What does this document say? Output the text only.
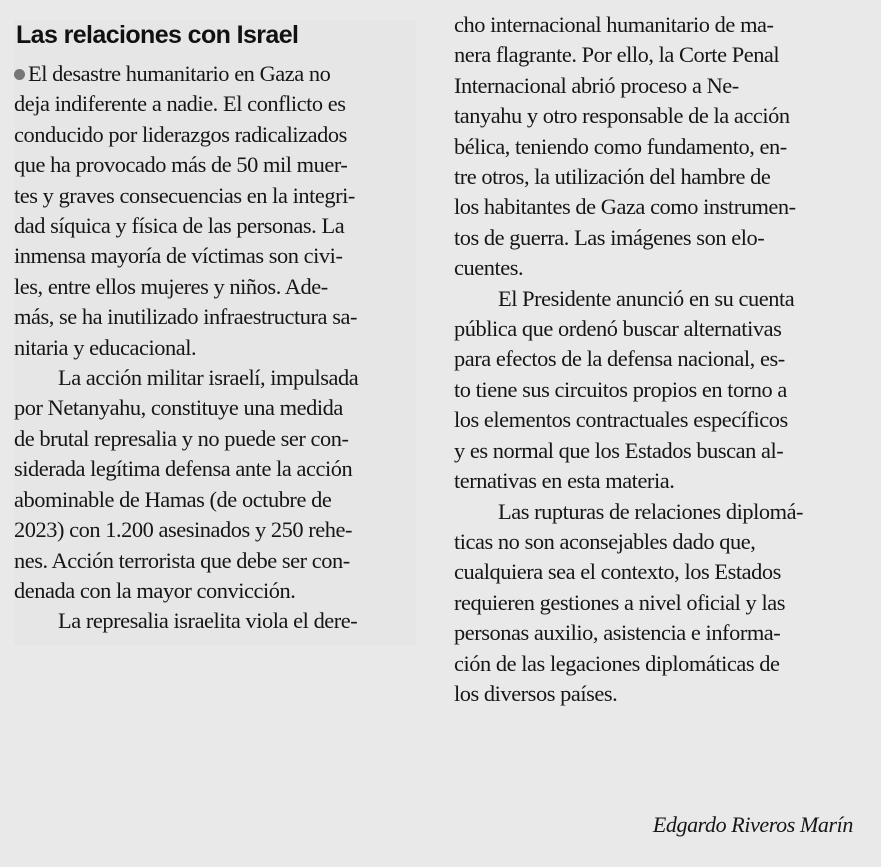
Las relaciones con Israel
El desastre humanitario en Gaza no
deja indiferente a nadie. El conflicto es
conducido por liderazgos radicalizados
que ha provocado más de 50 mil muer-
tes y graves consecuencias en la integri-
dad síquica y física de las personas. La
inmensa mayoría de víctimas son civi-
les, entre ellos mujeres y niños. Ade-
más, se ha inutilizado infraestructura sa-
nitaria y educacional.
La acción militar israelí, impulsada
por Netanyahu, constituye una medida
de brutal represalia y no puede ser con-
siderada legítima defensa ante la acción
abominable de Hamas (de octubre de
2023) con 1.200 asesinados y 250 rehe-
nes. Acción terrorista que debe ser con-
denada con la mayor convicción.
La represalia israelita viola el dere-
cho internacional humanitario de ma-
nera flagrante. Por ello, la Corte Penal
Internacional abrió proceso a Ne-
tanyahu y otro responsable de la acción
bélica, teniendo como fundamento, en-
tre otros, la utilización del hambre de
los habitantes de Gaza como instrumen-
tos de guerra. Las imágenes son elo-
cuentes.
El Presidente anunció en su cuenta
pública que ordenó buscar alternativas
para efectos de la defensa nacional, es-
to tiene sus circuitos propios en torno a
los elementos contractuales específicos
y es normal que los Estados buscan al-
ternativas en esta materia.
Las rupturas de relaciones diplomá-
ticas no son aconsejables dado que,
cualquiera sea el contexto, los Estados
requieren gestiones a nivel oficial y las
personas auxilio, asistencia e informa-
ción de las legaciones diplomáticas de
los diversos países.
Edgardo Riveros Marín
